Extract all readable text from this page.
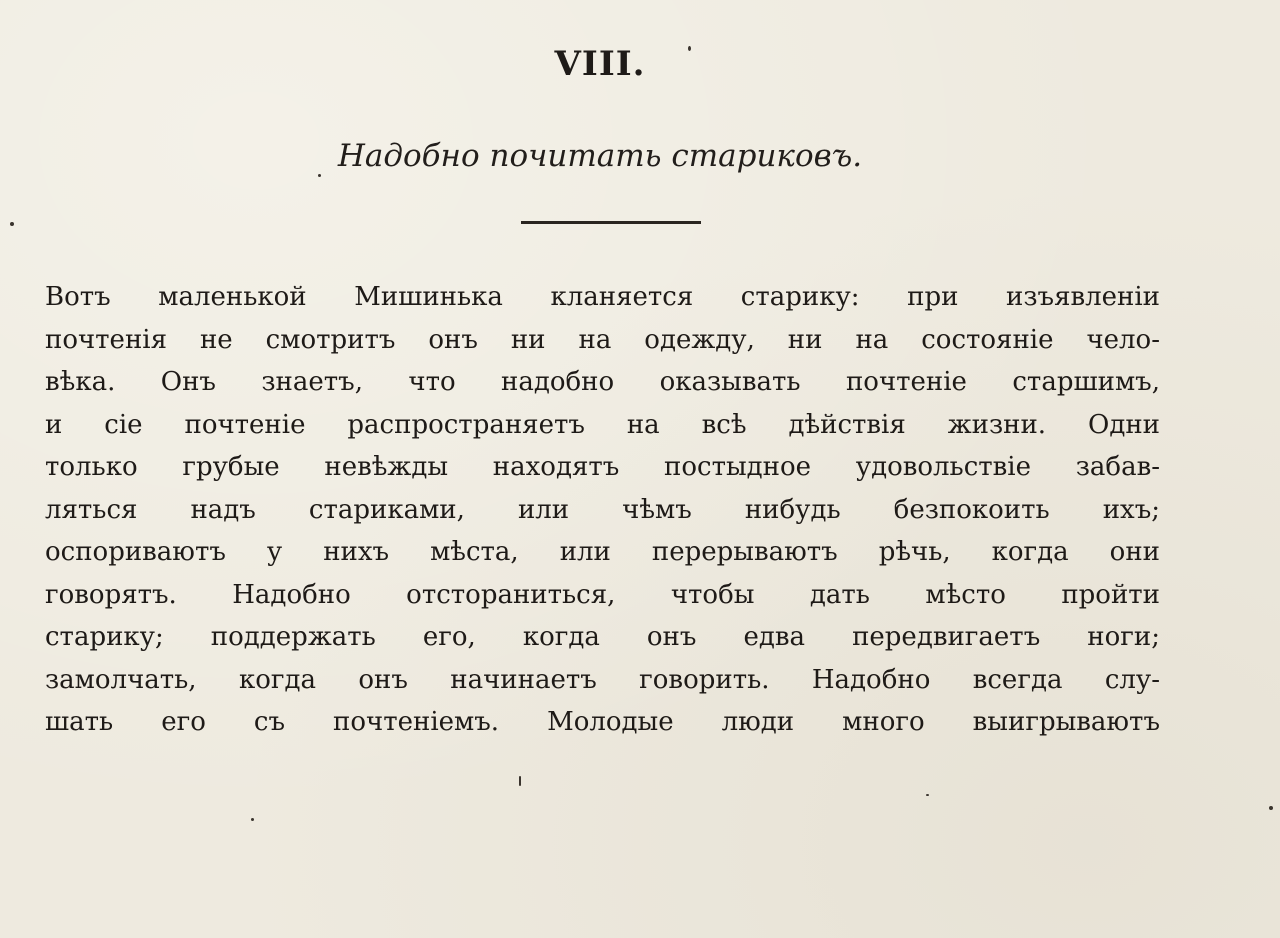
VIII.
Надобно почитать стариковъ.
Вотъ маленькой Мишинька кланяется старику: при изъявленіи
почтенія не смотритъ онъ ни на одежду, ни на состояніе чело-
вѣка. Онъ знаетъ, что надобно оказывать почтеніе старшимъ,
и сіе почтеніе распространяетъ на всѣ дѣйствія жизни. Одни
только грубые невѣжды находятъ постыдное удовольствіе забав-
ляться надъ стариками, или чѣмъ нибудь безпокоить ихъ;
оспориваютъ у нихъ мѣста, или перерываютъ рѣчь, когда они
говорятъ. Надобно отстораниться, чтобы дать мѣсто пройти
старику; поддержать его, когда онъ едва передвигаетъ ноги;
замолчать, когда онъ начинаетъ говорить. Надобно всегда слу-
шать его съ почтеніемъ. Молодые люди много выигрываютъ
